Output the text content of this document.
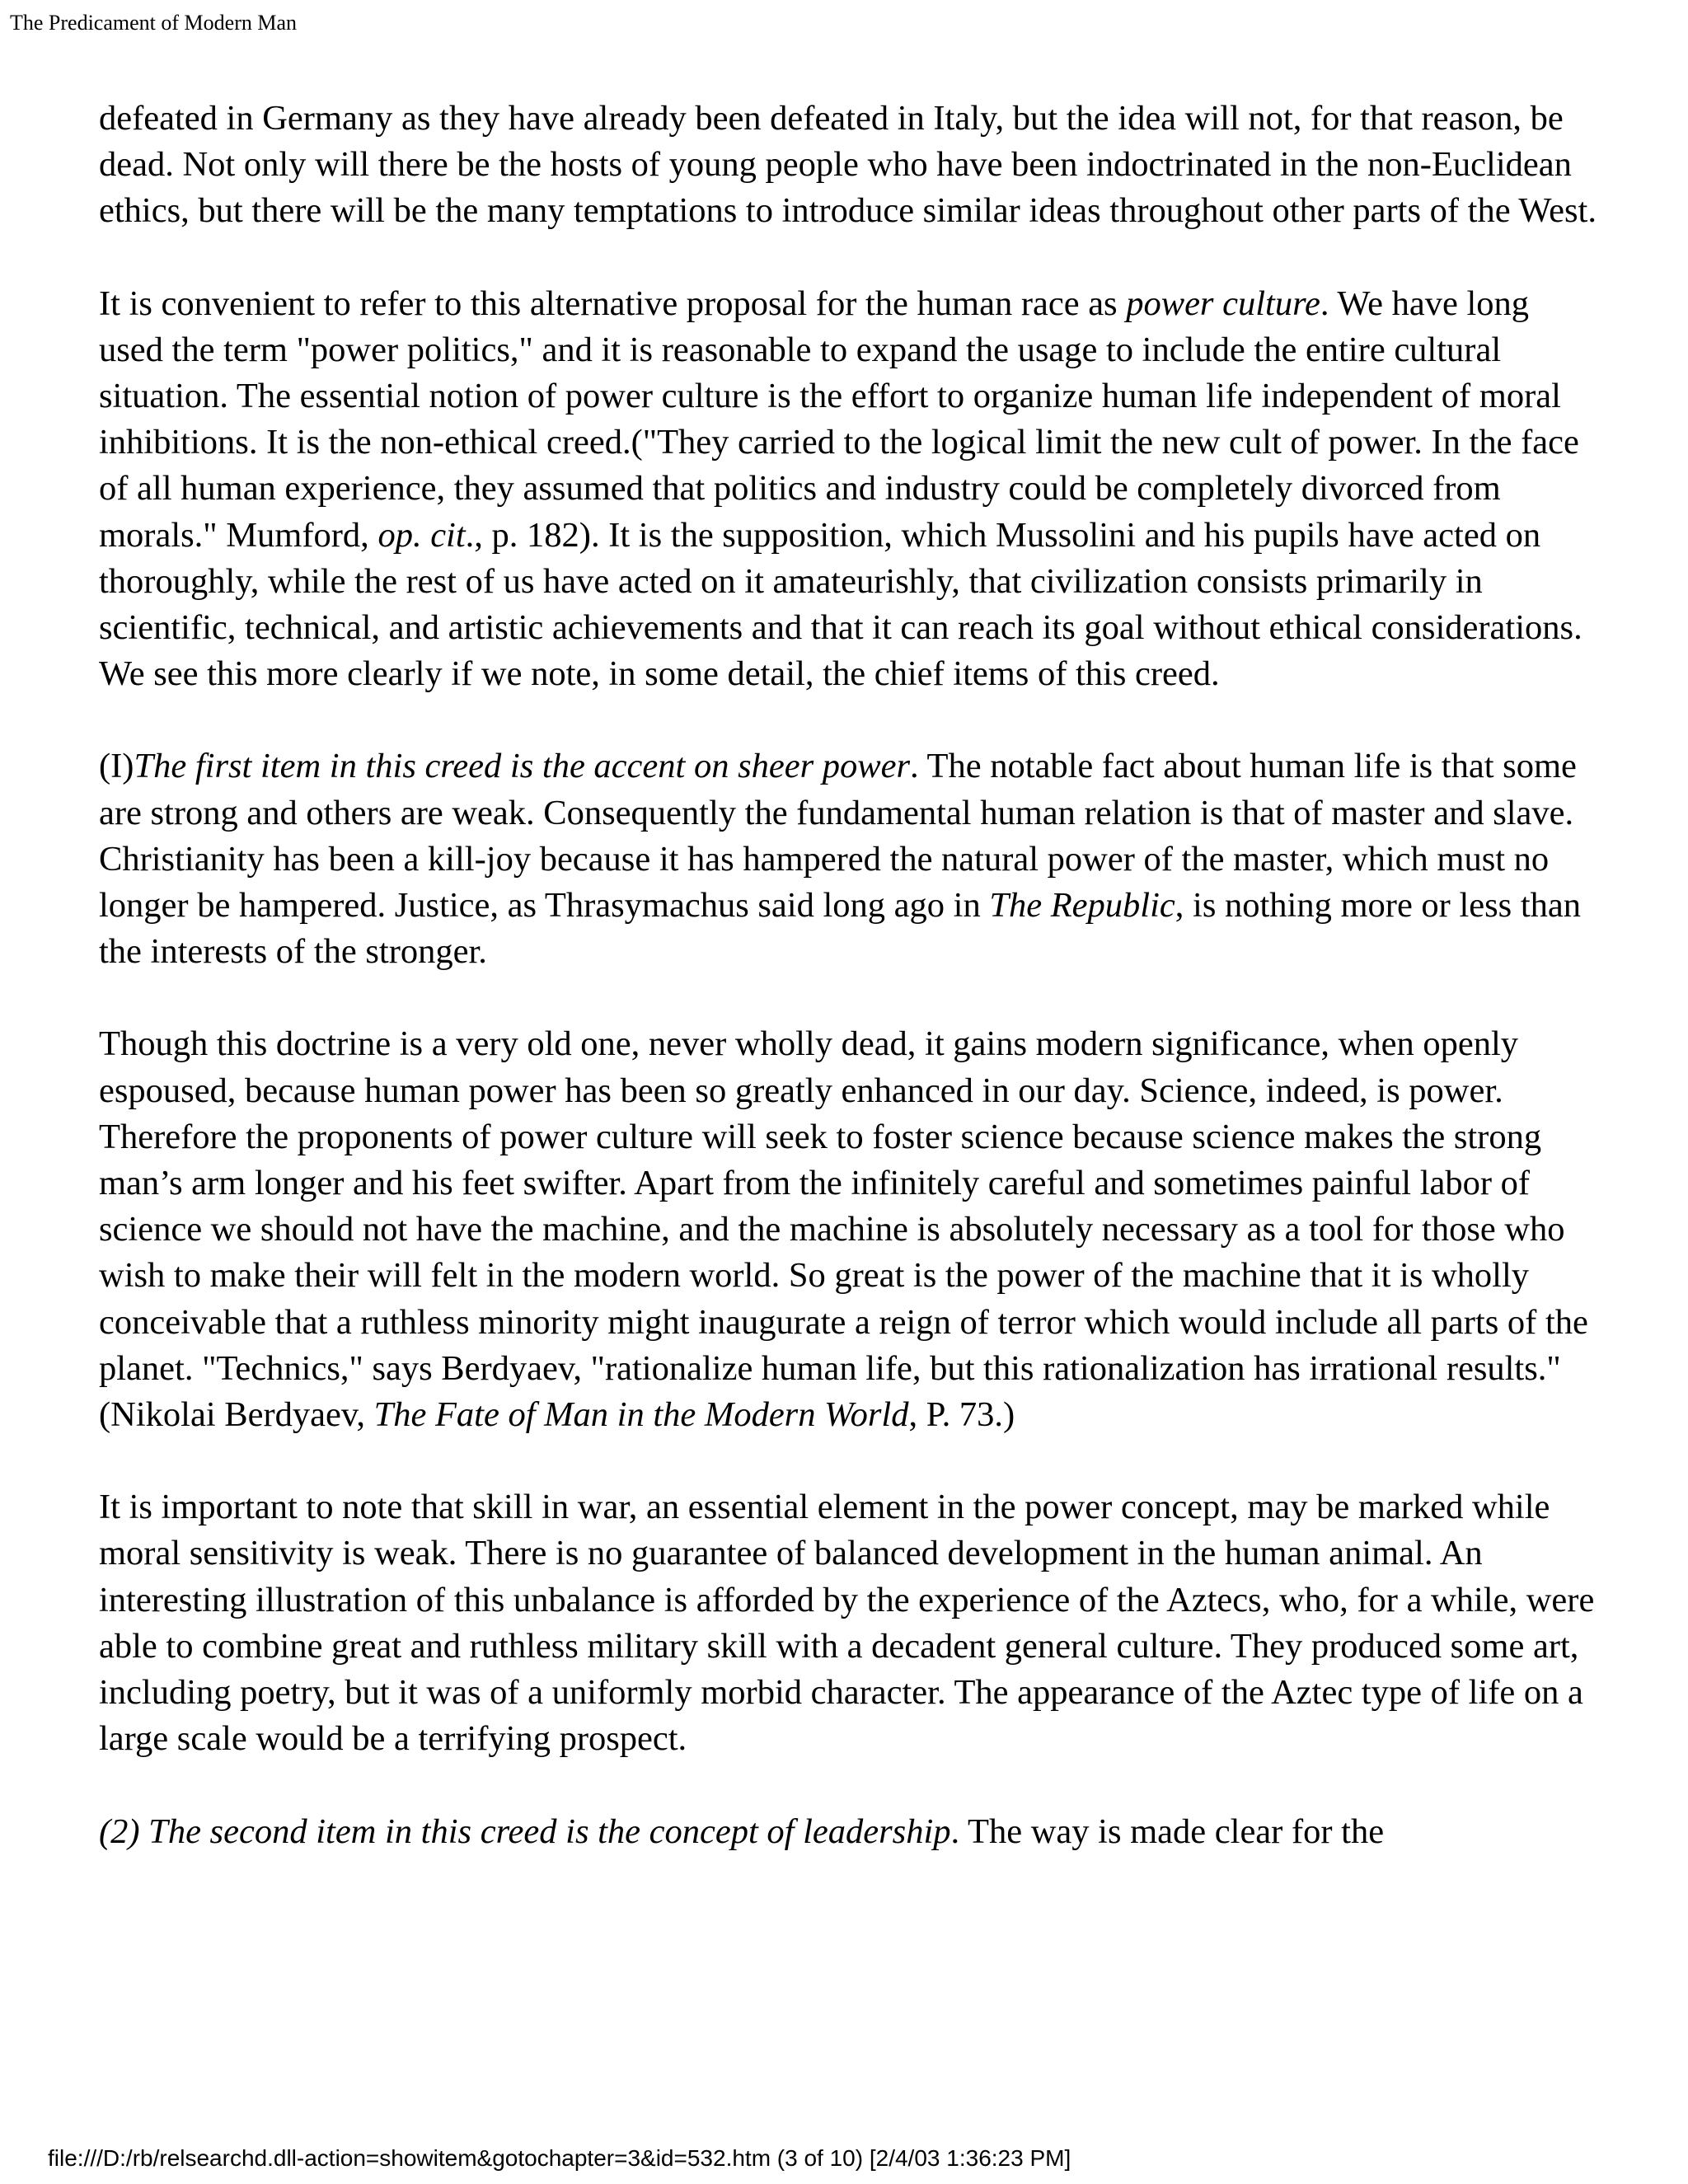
The Predicament of Modern Man

defeated in Germany as they have already been defeated in Italy, but the idea will not, for that reason, be dead. Not only will there be the hosts of young people who have been indoctrinated in the non-Euclidean ethics, but there will be the many temptations to introduce similar ideas throughout other parts of the West.

It is convenient to refer to this alternative proposal for the human race as power culture. We have long used the term "power politics," and it is reasonable to expand the usage to include the entire cultural situation. The essential notion of power culture is the effort to organize human life independent of moral inhibitions. It is the non-ethical creed.("They carried to the logical limit the new cult of power. In the face of all human experience, they assumed that politics and industry could be completely divorced from morals." Mumford, op. cit., p. 182). It is the supposition, which Mussolini and his pupils have acted on thoroughly, while the rest of us have acted on it amateurishly, that civilization consists primarily in scientific, technical, and artistic achievements and that it can reach its goal without ethical considerations. We see this more clearly if we note, in some detail, the chief items of this creed.

(I)The first item in this creed is the accent on sheer power. The notable fact about human life is that some are strong and others are weak. Consequently the fundamental human relation is that of master and slave. Christianity has been a kill-joy because it has hampered the natural power of the master, which must no longer be hampered. Justice, as Thrasymachus said long ago in The Republic, is nothing more or less than the interests of the stronger.

Though this doctrine is a very old one, never wholly dead, it gains modern significance, when openly espoused, because human power has been so greatly enhanced in our day. Science, indeed, is power. Therefore the proponents of power culture will seek to foster science because science makes the strong man’s arm longer and his feet swifter. Apart from the infinitely careful and sometimes painful labor of science we should not have the machine, and the machine is absolutely necessary as a tool for those who wish to make their will felt in the modern world. So great is the power of the machine that it is wholly conceivable that a ruthless minority might inaugurate a reign of terror which would include all parts of the planet. "Technics," says Berdyaev, "rationalize human life, but this rationalization has irrational results."(Nikolai Berdyaev, The Fate of Man in the Modern World, P. 73.)

It is important to note that skill in war, an essential element in the power concept, may be marked while moral sensitivity is weak. There is no guarantee of balanced development in the human animal. An interesting illustration of this unbalance is afforded by the experience of the Aztecs, who, for a while, were able to combine great and ruthless military skill with a decadent general culture. They produced some art, including poetry, but it was of a uniformly morbid character. The appearance of the Aztec type of life on a large scale would be a terrifying prospect.

(2) The second item in this creed is the concept of leadership. The way is made clear for the

file:///D:/rb/relsearchd.dll-action=showitem&gotochapter=3&id=532.htm (3 of 10) [2/4/03 1:36:23 PM]
